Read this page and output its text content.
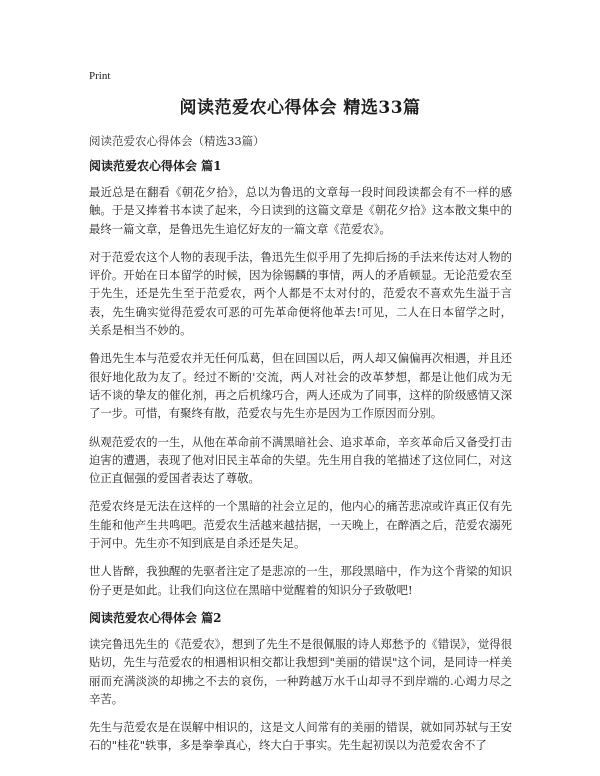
Print
阅读范爱农心得体会 精选33篇
阅读范爱农心得体会（精选33篇）
阅读范爱农心得体会 篇1

最近总是在翻看《朝花夕拾》，总以为鲁迅的文章每一段时间段读都会有不一样的感触。于是又捧着书本读了起来，今日读到的这篇文章是《朝花夕拾》这本散文集中的最终一篇文章，是鲁迅先生追忆好友的一篇文章《范爱农》。

对于范爱农这个人物的表现手法，鲁迅先生似乎用了先抑后扬的手法来传达对人物的评价。开始在日本留学的时候，因为徐锡麟的事情，两人的矛盾顿显。无论范爱农至于先生，还是先生至于范爱农，两个人都是不太对付的，范爱农不喜欢先生溢于言表，先生确实觉得范爱农可恶的可先革命便将他革去!可见，二人在日本留学之时，关系是相当不妙的。

鲁迅先生本与范爱农并无任何瓜葛，但在回国以后，两人却又偏偏再次相遇，并且还很好地化敌为友了。经过不断的'交流，两人对社会的改革梦想，都是让他们成为无话不谈的挚友的催化剂，再之后机缘巧合，两人还成为了同事，这样的阶级感情又深了一步。可惜，有聚终有散，范爱农与先生亦是因为工作原因而分别。

纵观范爱农的一生，从他在革命前不满黑暗社会、追求革命，辛亥革命后又备受打击迫害的遭遇，表现了他对旧民主革命的失望。先生用自我的笔描述了这位同仁，对这位正直倔强的爱国者表达了尊敬。

范爱农终是无法在这样的一个黑暗的社会立足的，他内心的痛苦悲凉或许真正仅有先生能和他产生共鸣吧。范爱农生活越来越拮据，一天晚上，在醉酒之后，范爱农溺死于河中。先生亦不知到底是自杀还是失足。

世人皆醉，我独醒的先驱者注定了是悲凉的一生，那段黑暗中，作为这个背梁的知识份子更是如此。让我们向这位在黑暗中觉醒着的知识分子致敬吧!

阅读范爱农心得体会 篇2

读完鲁迅先生的《范爱农》，想到了先生不是很佩服的诗人郑愁予的《错误》，觉得很贴切，先生与范爱农的相遇相识相交都让我想到"美丽的错误"这个词，是同诗一样美丽而充满淡淡的却拂之不去的哀伤，一种跨越万水千山却寻不到岸端的.心竭力尽之辛苦。

先生与范爱农是在误解中相识的，这是文人间常有的美丽的错误，就如同苏轼与王安石的"桂花"轶事，多是拳拳真心，终大白于事实。先生起初误以为范爱农舍不了
